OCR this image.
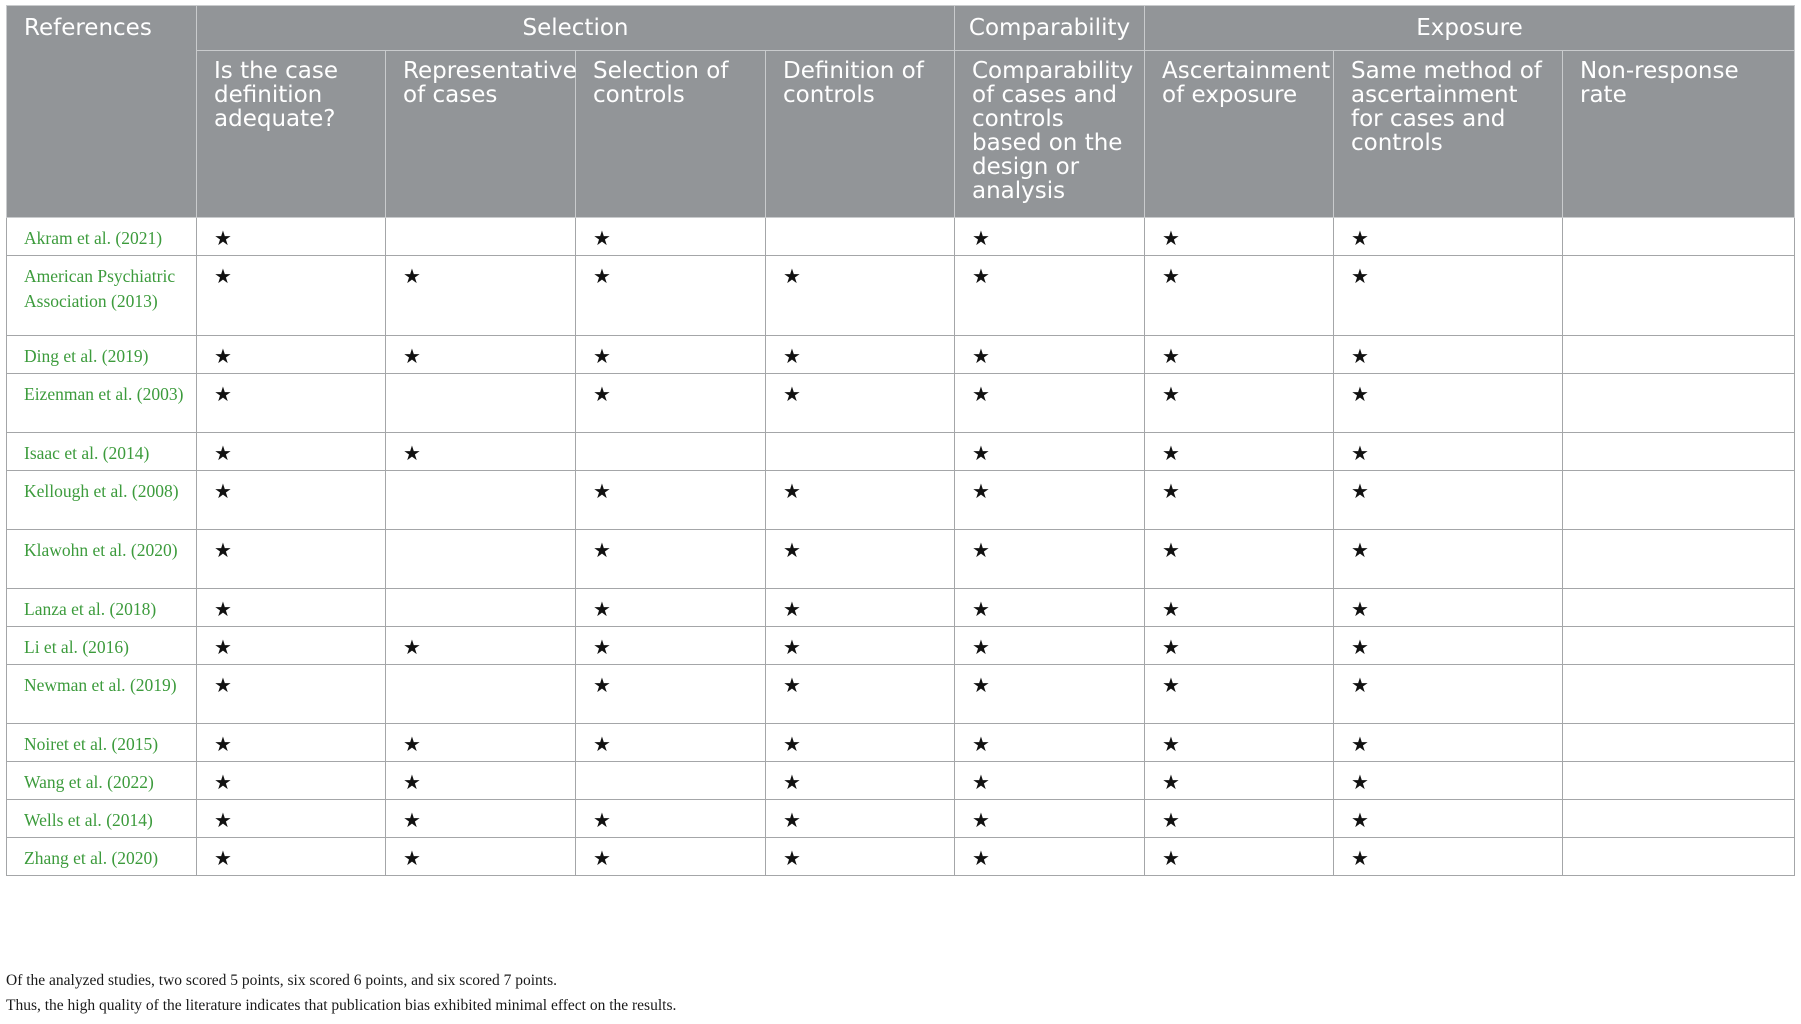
References	Selection				Comparability	Exposure		
	Is the case definition adequate?	Representative of cases	Selection of controls	Definition of controls	Comparability of cases and controls based on the design or analysis	Ascertainment of exposure	Same method of ascertainment for cases and controls	Non-response rate
Akram et al. (2021)	★		★		★	★	★	
American Psychiatric Association (2013)	★	★	★	★	★	★	★	
Ding et al. (2019)	★	★	★	★	★	★	★	
Eizenman et al. (2003)	★		★	★	★	★	★	
Isaac et al. (2014)	★	★			★	★	★	
Kellough et al. (2008)	★		★	★	★	★	★	
Klawohn et al. (2020)	★		★	★	★	★	★	
Lanza et al. (2018)	★		★	★	★	★	★	
Li et al. (2016)	★	★	★	★	★	★	★	
Newman et al. (2019)	★		★	★	★	★	★	
Noiret et al. (2015)	★	★	★	★	★	★	★	
Wang et al. (2022)	★	★		★	★	★	★	
Wells et al. (2014)	★	★	★	★	★	★	★	
Zhang et al. (2020)	★	★	★	★	★	★	★	
Of the analyzed studies, two scored 5 points, six scored 6 points, and six scored 7 points.
Thus, the high quality of the literature indicates that publication bias exhibited minimal effect on the results.
